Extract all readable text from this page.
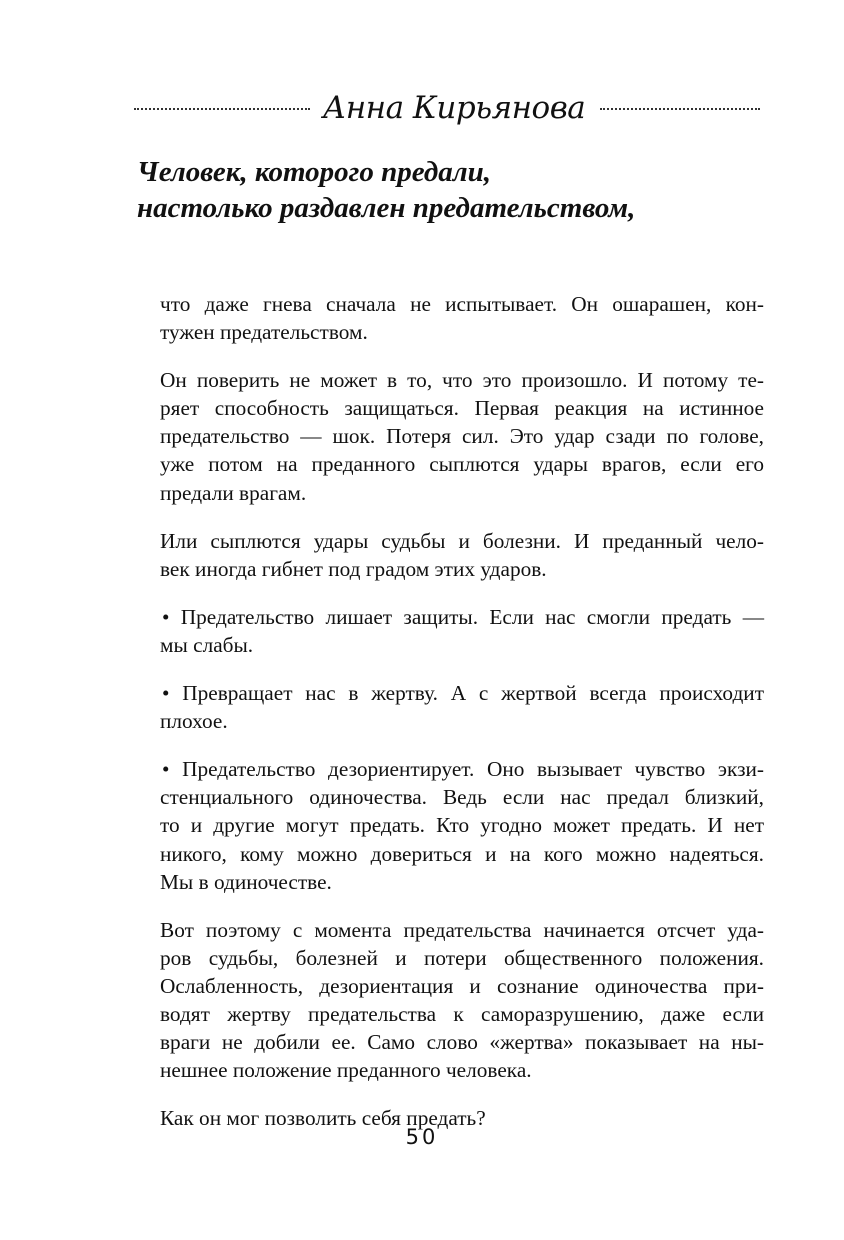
Анна Кирьянова
Человек, которого предали,
настолько раздавлен предательством,
что даже гнева сначала не испытывает. Он ошарашен, кон-
тужен предательством.
Он поверить не может в то, что это произошло. И потому те-
ряет способность защищаться. Первая реакция на истинное
предательство — шок. Потеря сил. Это удар сзади по голове,
уже потом на преданного сыплются удары врагов, если его
предали врагам.
Или сыплются удары судьбы и болезни. И преданный чело-
век иногда гибнет под градом этих ударов.
• Предательство лишает защиты. Если нас смогли предать —
мы слабы.
• Превращает нас в жертву. А с жертвой всегда происходит
плохое.
• Предательство дезориентирует. Оно вызывает чувство экзи-
стенциального одиночества. Ведь если нас предал близкий,
то и другие могут предать. Кто угодно может предать. И нет
никого, кому можно довериться и на кого можно надеяться.
Мы в одиночестве.
Вот поэтому с момента предательства начинается отсчет уда-
ров судьбы, болезней и потери общественного положения.
Ослабленность, дезориентация и сознание одиночества при-
водят жертву предательства к саморазрушению, даже если
враги не добили ее. Само слово «жертва» показывает на ны-
нешнее положение преданного человека.
Как он мог позволить себя предать?
50
